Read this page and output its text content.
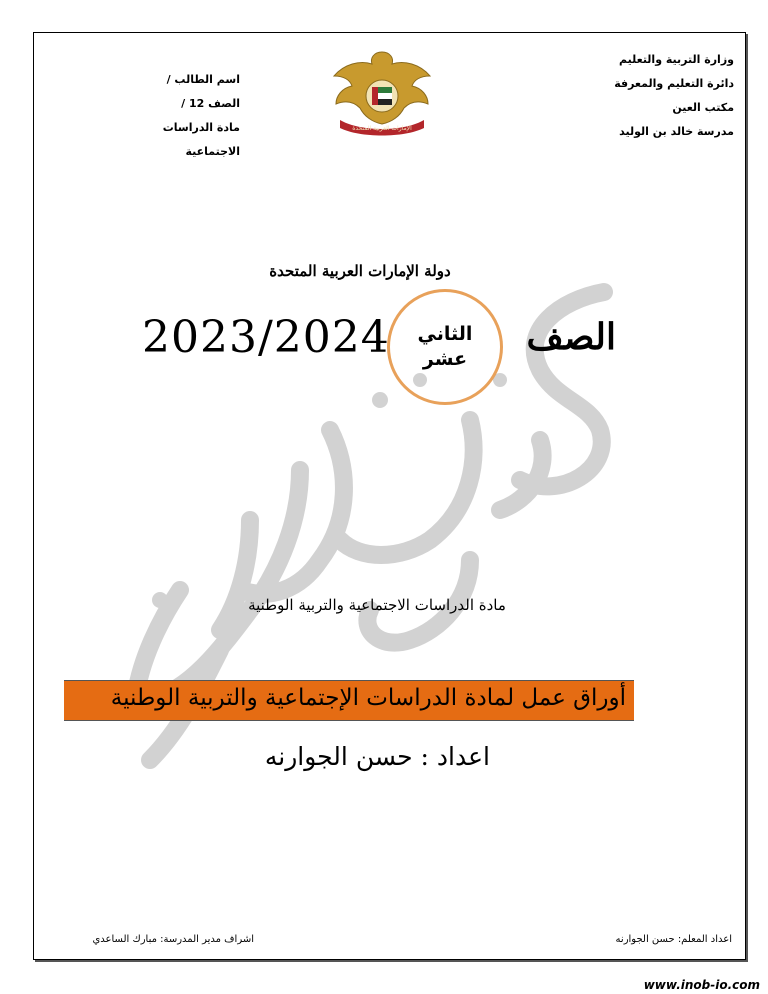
وزارة التربية والتعليم
دائرة التعليم والمعرفة
مكتب العين
مدرسة خالد بن الوليد
اسم الطالب /
الصف 12 /
مادة الدراسات الاجتماعية
الإمارات العربية المتحدة
دولة الإمارات العربية المتحدة
2023/2024	الثاني عشر
الصف
مادة الدراسات الاجتماعية والتربية الوطنية
أوراق عمل لمادة الدراسات الإجتماعية والتربية الوطنية
اعداد : حسن الجوارنه
اعداد المعلم: حسن الجوارنه
اشراف مدير المدرسة: مبارك الساعدي
www.inob-io.com
